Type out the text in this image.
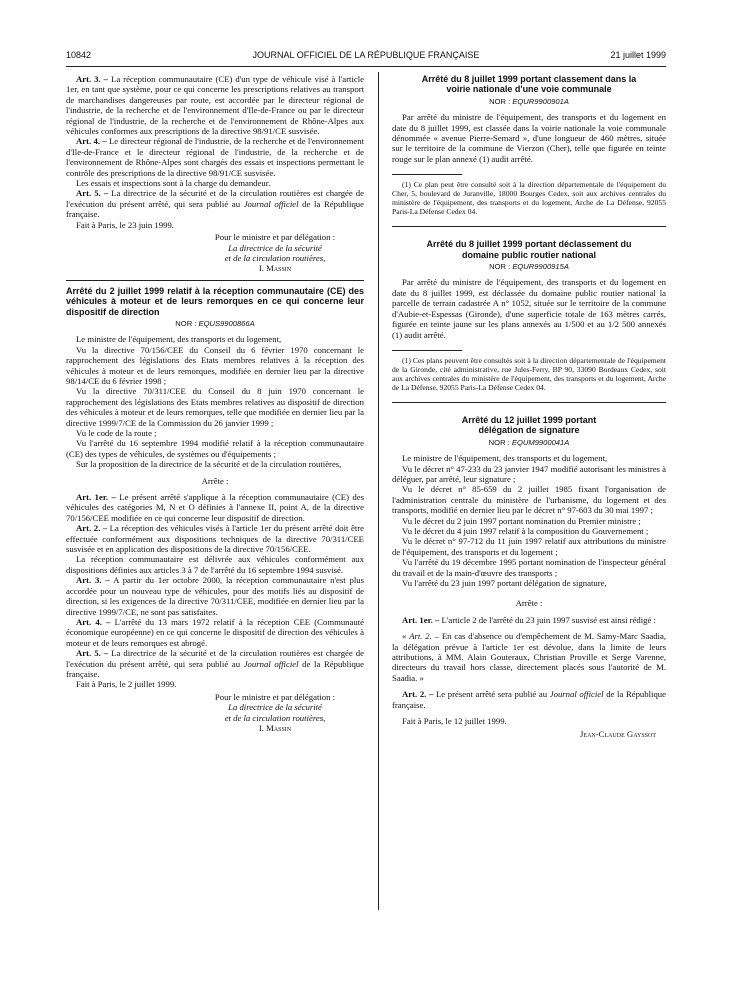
10842	JOURNAL OFFICIEL DE LA RÉPUBLIQUE FRANÇAISE	21 juillet 1999

Art. 3. – La réception communautaire (CE) d'un type de véhicule visé à l'article 1er, en tant que système, pour ce qui concerne les prescriptions relatives au transport de marchandises dangereuses par route, est accordée par le directeur régional de l'industrie, de la recherche et de l'environnement d'Ile-de-France ou par le directeur régional de l'industrie, de la recherche et de l'environnement de Rhône-Alpes aux véhicules conformes aux prescriptions de la directive 98/91/CE susvisée.

Art. 4. – Le directeur régional de l'industrie, de la recherche et de l'environnement d'Ile-de-France et le directeur régional de l'industrie, de la recherche et de l'environnement de Rhône-Alpes sont chargés des essais et inspections permettant le contrôle des prescriptions de la directive 98/91/CE susvisée.

Les essais et inspections sont à la charge du demandeur.

Art. 5. – La directrice de la sécurité et de la circulation routières est chargée de l'exécution du présent arrêté, qui sera publié au Journal officiel de la République française.

Fait à Paris, le 23 juin 1999.

Pour le ministre et par délégation :
La directrice de la sécurité
et de la circulation routières,
I. Massin
Arrêté du 2 juillet 1999 relatif à la réception communautaire (CE) des véhicules à moteur et de leurs remorques en ce qui concerne leur dispositif de direction
NOR : EQUS9900866A

Le ministre de l'équipement, des transports et du logement,

Vu la directive 70/156/CEE du Conseil du 6 février 1970 concernant le rapprochement des législations des Etats membres relatives à la réception des véhicules à moteur et de leurs remorques, modifiée en dernier lieu par la directive 98/14/CE du 6 février 1998 ;

Vu la directive 70/311/CEE du Conseil du 8 juin 1970 concernant le rapprochement des législations des Etats membres relatives au dispositif de direction des véhicules à moteur et de leurs remorques, telle que modifiée en dernier lieu par la directive 1999/7/CE de la Commission du 26 janvier 1999 ;

Vu le code de la route ;

Vu l'arrêté du 16 septembre 1994 modifié relatif à la réception communautaire (CE) des types de véhicules, de systèmes ou d'équipements ;

Sur la proposition de la directrice de la sécurité et de la circulation routières,

Arrête :

Art. 1er. – Le présent arrêté s'applique à la réception communautaire (CE) des véhicules des catégories M, N et O définies à l'annexe II, point A, de la directive 70/156/CEE modifiée en ce qui concerne leur dispositif de direction.

Art. 2. – La réception des véhicules visés à l'article 1er du présent arrêté doit être effectuée conformément aux dispositions techniques de la directive 70/311/CEE susvisée et en application des dispositions de la directive 70/156/CEE.

La réception communautaire est délivrée aux véhicules conformément aux dispositions définies aux articles 3 à 7 de l'arrêté du 16 septembre 1994 susvisé.

Art. 3. – A partir du 1er octobre 2000, la réception communautaire n'est plus accordée pour un nouveau type de véhicules, pour des motifs liés au dispositif de direction, si les exigences de la directive 70/311/CEE, modifiée en dernier lieu par la directive 1999/7/CE, ne sont pas satisfaites.

Art. 4. – L'arrêté du 13 mars 1972 relatif à la réception CEE (Communauté économique européenne) en ce qui concerne le dispositif de direction des véhicules à moteur et de leurs remorques est abrogé.

Art. 5. – La directrice de la sécurité et de la circulation routières est chargée de l'exécution du présent arrêté, qui sera publié au Journal officiel de la République française.

Fait à Paris, le 2 juillet 1999.

Pour le ministre et par délégation :
La directrice de la sécurité
et de la circulation routières,
I. Massin
Arrêté du 8 juillet 1999 portant classement dans la voirie nationale d'une voie communale
NOR : EQUR9900901A

Par arrêté du ministre de l'équipement, des transports et du logement en date du 8 juillet 1999, est classée dans la voirie nationale la voie communale dénommée « avenue Pierre-Semard », d'une longueur de 460 mètres, située sur le territoire de la commune de Vierzon (Cher), telle que figurée en teinte rouge sur le plan annexé (1) audit arrêté.

(1) Ce plan peut être consulté soit à la direction départementale de l'équipement du Cher, 5, boulevard de Juranville, 18000 Bourges Cedex, soit aux archives centrales du ministère de l'équipement, des transports et du logement, Arche de La Défense, 92055 Paris-La Défense Cedex 04.

Arrêté du 8 juillet 1999 portant déclassement du domaine public routier national
NOR : EQUR9900915A

Par arrêté du ministre de l'équipement, des transports et du logement en date du 8 juillet 1999, est déclassée du domaine public routier national la parcelle de terrain cadastrée A n° 1052, située sur le territoire de la commune d'Aubie-et-Espessas (Gironde), d'une superficie totale de 163 mètres carrés, figurée en teinte jaune sur les plans annexés au 1/500 et au 1/2 500 annexés (1) audit arrêté.

(1) Ces plans peuvent être consultés soit à la direction départementale de l'équipement de la Gironde, cité administrative, rue Jules-Ferry, BP 90, 33090 Bordeaux Cedex, soit aux archives centrales du ministère de l'équipement, des transports et du logement, Arche de La Défense, 92055 Paris-La Défense Cedex 04.

Arrêté du 12 juillet 1999 portant délégation de signature
NOR : EQUM9900041A

Le ministre de l'équipement, des transports et du logement,

Vu le décret n° 47-233 du 23 janvier 1947 modifié autorisant les ministres à déléguer, par arrêté, leur signature ;

Vu le décret n° 85-659 du 2 juillet 1985 fixant l'organisation de l'administration centrale du ministère de l'urbanisme, du logement et des transports, modifié en dernier lieu par le décret n° 97-603 du 30 mai 1997 ;

Vu le décret du 2 juin 1997 portant nomination du Premier ministre ;

Vu le décret du 4 juin 1997 relatif à la composition du Gouvernement ;

Vu le décret n° 97-712 du 11 juin 1997 relatif aux attributions du ministre de l'équipement, des transports et du logement ;

Vu l'arrêté du 19 décembre 1995 portant nomination de l'inspecteur général du travail et de la main-d'œuvre des transports ;

Vu l'arrêté du 23 juin 1997 portant délégation de signature,

Arrête :

Art. 1er. – L'article 2 de l'arrêté du 23 juin 1997 susvisé est ainsi rédigé :

« Art. 2. – En cas d'absence ou d'empêchement de M. Samy-Marc Saadia, la délégation prévue à l'article 1er est dévolue, dans la limite de leurs attributions, à MM. Alain Gouteraux, Christian Proville et Serge Varenne, directeurs du travail hors classe, directement placés sous l'autorité de M. Saadia. »

Art. 2. – Le présent arrêté sera publié au Journal officiel de la République française.

Fait à Paris, le 12 juillet 1999.

Jean-Claude Gayssot
